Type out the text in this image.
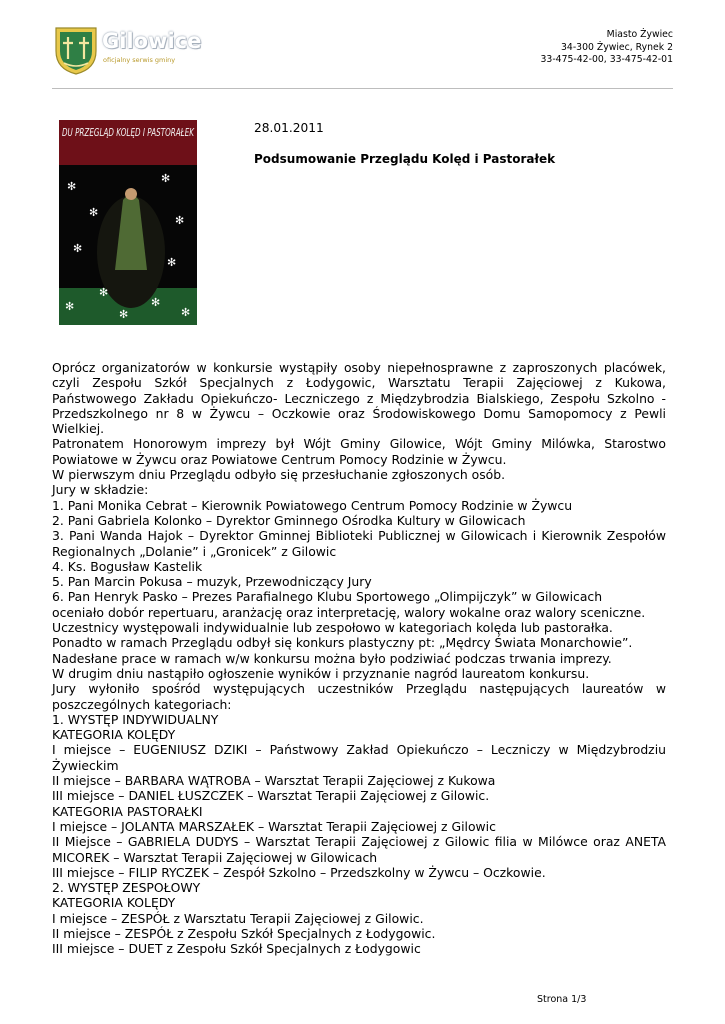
Gilowice
oficjalny serwis gminy
Miasto Żywiec
34-300 Żywiec, Rynek 2
33-475-42-00, 33-475-42-01
DU PRZEGLĄD KOLĘD I PASTORAŁEK
✻
✻
✻
✻
✻
✻
✻
✻
✻	✻
✻
28.01.2011
Podsumowanie Przeglądu Kolęd i Pastorałek

Oprócz organizatorów w konkursie wystąpiły osoby niepełnosprawne z zaproszonych placówek, czyli Zespołu Szkół Specjalnych z Łodygowic, Warsztatu Terapii Zajęciowej z Kukowa, Państwowego Zakładu Opiekuńczo- Leczniczego z Międzybrodzia Bialskiego, Zespołu Szkolno - Przedszkolnego nr 8 w Żywcu – Oczkowie oraz Środowiskowego Domu Samopomocy z Pewli Wielkiej.

Patronatem Honorowym imprezy był Wójt Gminy Gilowice, Wójt Gminy Milówka, Starostwo Powiatowe w Żywcu oraz Powiatowe Centrum Pomocy Rodzinie w Żywcu.

W pierwszym dniu Przeglądu odbyło się przesłuchanie zgłoszonych osób.

Jury w składzie:

1. Pani Monika Cebrat – Kierownik Powiatowego Centrum Pomocy Rodzinie w Żywcu

2. Pani Gabriela Kolonko – Dyrektor Gminnego Ośrodka Kultury w Gilowicach

3. Pani Wanda Hajok – Dyrektor Gminnej Biblioteki Publicznej w Gilowicach i Kierownik Zespołów Regionalnych „Dolanie” i „Gronicek” z Gilowic

4. Ks. Bogusław Kastelik

5. Pan Marcin Pokusa – muzyk, Przewodniczący Jury

6. Pan Henryk Pasko – Prezes Parafialnego Klubu Sportowego „Olimpijczyk” w Gilowicach

oceniało dobór repertuaru, aranżację oraz interpretację, walory wokalne oraz walory sceniczne.

Uczestnicy występowali indywidualnie lub zespołowo w kategoriach kolęda lub pastorałka.

Ponadto w ramach Przeglądu odbył się konkurs plastyczny pt: „Mędrcy Świata Monarchowie”.

Nadesłane prace w ramach w/w konkursu można było podziwiać podczas trwania imprezy.

W drugim dniu nastąpiło ogłoszenie wyników i przyznanie nagród laureatom konkursu.

Jury wyłoniło spośród występujących uczestników Przeglądu następujących laureatów w poszczególnych kategoriach:

1. WYSTĘP INDYWIDUALNY

KATEGORIA KOLĘDY

I miejsce – EUGENIUSZ DZIKI – Państwowy Zakład Opiekuńczo – Leczniczy w Międzybrodziu Żywieckim

II miejsce – BARBARA WĄTROBA – Warsztat Terapii Zajęciowej z Kukowa

III miejsce – DANIEL ŁUSZCZEK – Warsztat Terapii Zajęciowej z Gilowic.

KATEGORIA PASTORAŁKI

I miejsce – JOLANTA MARSZAŁEK – Warsztat Terapii Zajęciowej z Gilowic

II Miejsce – GABRIELA DUDYS – Warsztat Terapii Zajęciowej z Gilowic filia w Milówce oraz ANETA MICOREK – Warsztat Terapii Zajęciowej w Gilowicach

III miejsce – FILIP RYCZEK – Zespół Szkolno – Przedszkolny w Żywcu – Oczkowie.

2. WYSTĘP ZESPOŁOWY

KATEGORIA KOLĘDY

I miejsce – ZESPÓŁ z Warsztatu Terapii Zajęciowej z Gilowic.

II miejsce – ZESPÓŁ z Zespołu Szkół Specjalnych z Łodygowic.

III miejsce – DUET z Zespołu Szkół Specjalnych z Łodygowic

Strona 1/3
